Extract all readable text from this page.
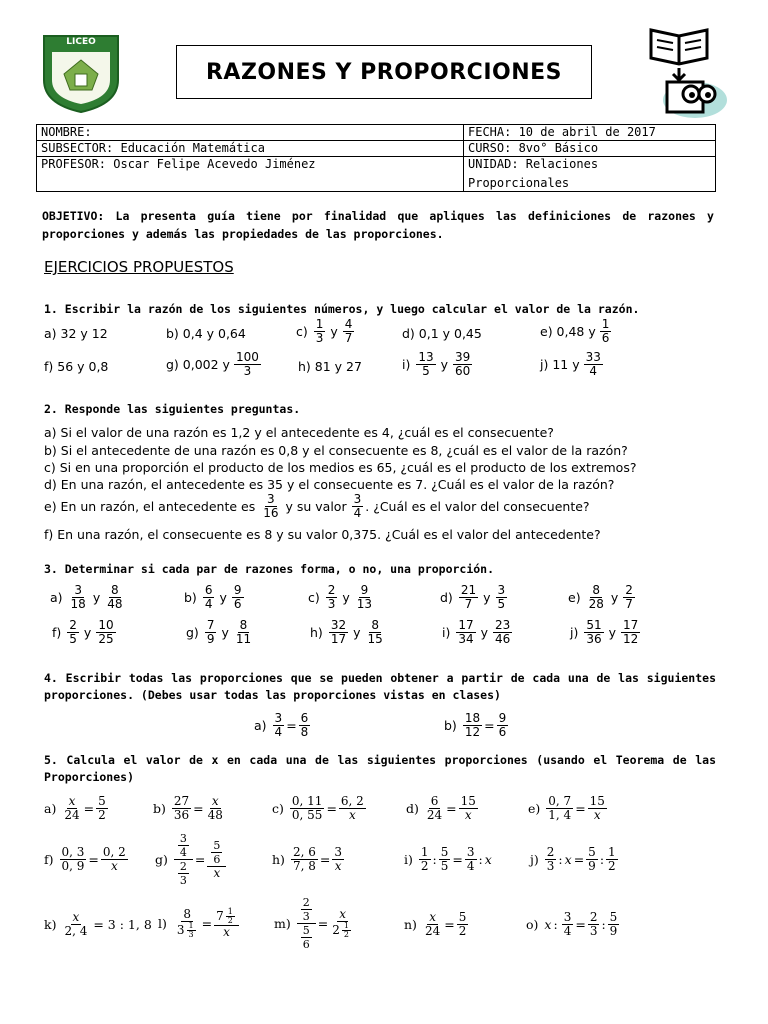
LICEO
RAZONES Y PROPORCIONES
NOMBRE:	FECHA: 10 de abril de 2017
SUBSECTOR: Educación Matemática	CURSO: 8vo° Básico
PROFESOR: Oscar Felipe Acevedo Jiménez	UNIDAD: Relaciones
Proporcionales
OBJETIVO: La presenta guía tiene por finalidad que apliques las definiciones de razones y proporciones y además las propiedades de las proporciones.
EJERCICIOS PROPUESTOS
1. Escribir la razón de los siguientes números, y luego calcular el valor de la razón.
a) 32 y 12	b) 0,4 y 0,64	$c) \frac{1}{3}$ y $\frac{4}{7}$	d) 0,1 y 0,45	e) 0,48 y $\frac{1}{6}$
f) 56 y 0,8	g) 0,002 y $\frac{100}{3}$	h) 81 y 27	$i) \frac{13}{5}$ y $\frac{39}{60}$	j) 11 y $\frac{33}{4}$
2. Responde las siguientes preguntas.
a) Si el valor de una razón es 1,2 y el antecedente es 4, ¿cuál es el consecuente?
b) Si el antecedente de una razón es 0,8 y el consecuente es 8, ¿cuál es el valor de la razón?
c) Si en una proporción el producto de los medios es 65, ¿cuál es el producto de los extremos?
d) En una razón, el antecedente es 35 y el consecuente es 7. ¿Cuál es el valor de la razón?
e) En un razón, el antecedente es $\frac{3}{16}$ y su valor $\frac{3}{4}$ . ¿Cuál es el valor del consecuente?
f) En una razón, el consecuente es 8 y su valor 0,375. ¿Cuál es el valor del antecedente?
3. Determinar si cada par de razones forma, o no, una proporción.
$a) \frac{3}{18}$ y $\frac{8}{48}$	$b) \frac{6}{4}$ y $\frac{9}{6}$	$c) \frac{2}{3}$ y $\frac{9}{13}$	$d) \frac{21}{7}$ y $\frac{3}{5}$	$e) \frac{8}{28}$ y $\frac{2}{7}$
$f) \frac{2}{5}$ y $\frac{10}{25}$	$g) \frac{7}{9}$ y $\frac{8}{11}$	$h) \frac{32}{17}$ y $\frac{8}{15}$	$i) \frac{17}{34}$ y $\frac{23}{46}$	$j) \frac{51}{36}$ y $\frac{17}{12}$
4. Escribir todas las proporciones que se pueden obtener a partir de cada una de las siguientes proporciones. (Debes usar todas las proporciones vistas en clases)
$a) \frac{3}{4} = \frac{6}{8}$	$b) \frac{18}{12} = \frac{9}{6}$
5. Calcula el valor de x en cada una de las siguientes proporciones (usando el Teorema de las Proporciones)
$a) \frac{x}{24} = \frac{5}{2}$	$b) \frac{27}{36} = \frac{x}{48}$	$c) \frac{0, 11}{0, 55} = \frac{6, 2}{x}$	$d) \frac{6}{24} = \frac{15}{x}$	$e) \frac{0, 7}{1, 4} = \frac{15}{x}$
$f) \frac{0, 3}{0, 9} = \frac{0, 2}{x} g) \frac{\frac{3}{4}}{\frac{2}{3}} = \frac{\frac{5}{6}}{x}$	$h) \frac{2, 6}{7, 8} = \frac{3}{x}$	$i) \frac{1}{2}$ : $\frac{5}{5} = \frac{3}{4}$ : x	$j) \frac{2}{3}$ : $x = \frac{5}{9}$ : $\frac{1}{2}$
$k) \frac{x}{2, 4} = 3$ : 1, 8 $l) \frac{8}{3 \frac{1}{3}} = \frac{7 \frac{1}{2}}{x}$	$m) \frac{\frac{2}{3}}{\frac{5}{6}} = \frac{x}{2 \frac{1}{2}}$	$n) \frac{x}{24} = \frac{5}{2}$	o) x : $\frac{3}{4} = \frac{2}{3}$ : $\frac{5}{9}$
